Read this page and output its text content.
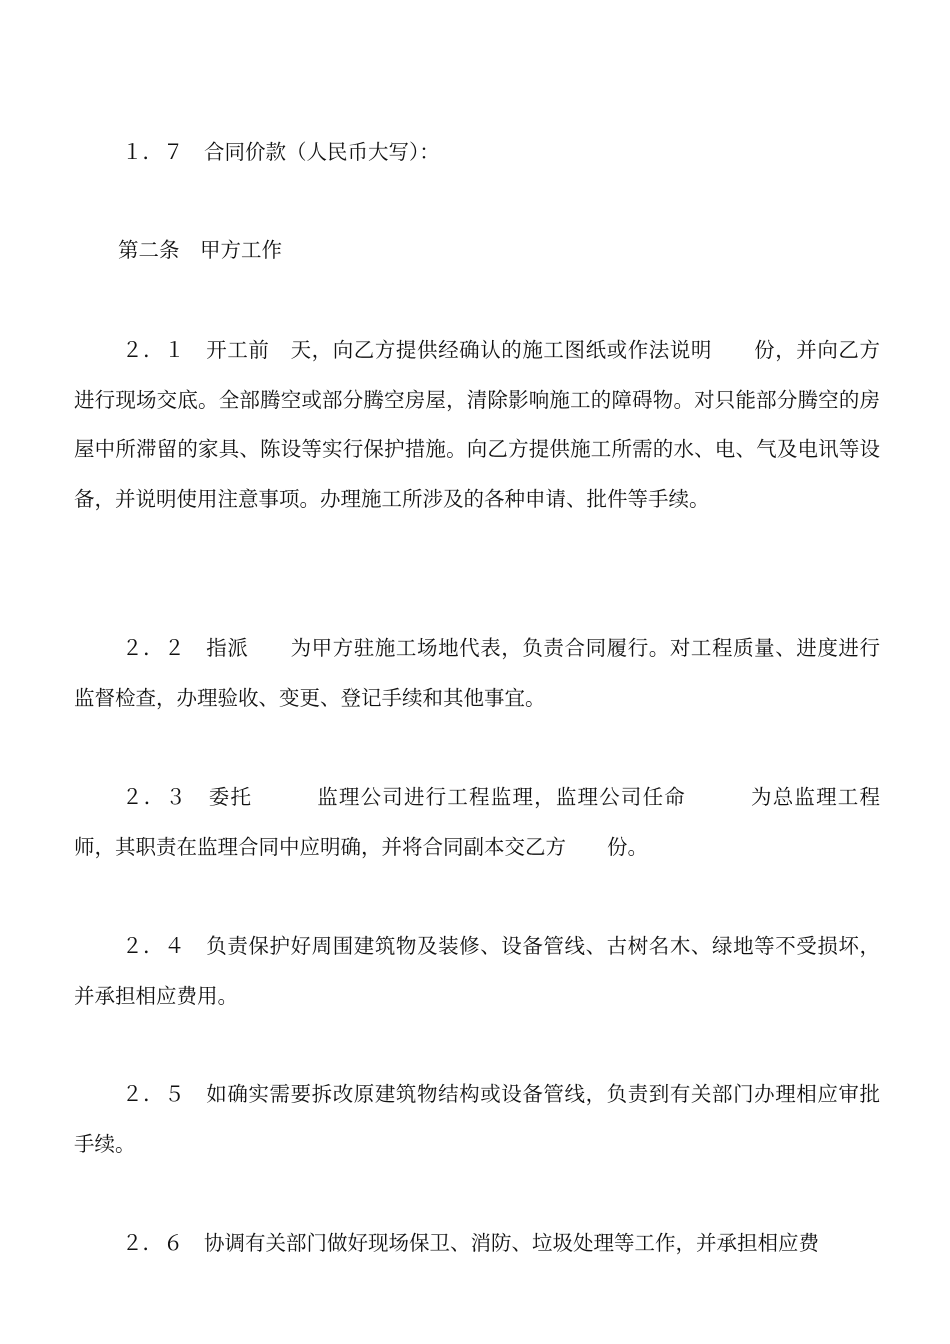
１．７　合同价款（人民币大写）：

第二条　甲方工作

２．１　开工前　天，向乙方提供经确认的施工图纸或作法说明　　份，并向乙方进行现场交底。全部腾空或部分腾空房屋，清除影响施工的障碍物。对只能部分腾空的房屋中所滞留的家具、陈设等实行保护措施。向乙方提供施工所需的水、电、气及电讯等设备，并说明使用注意事项。办理施工所涉及的各种申请、批件等手续。

２．２　指派　　为甲方驻施工场地代表，负责合同履行。对工程质量、进度进行监督检查，办理验收、变更、登记手续和其他事宜。

２．３　委托　　　监理公司进行工程监理，监理公司任命　　　为总监理工程师，其职责在监理合同中应明确，并将合同副本交乙方　　份。

２．４　负责保护好周围建筑物及装修、设备管线、古树名木、绿地等不受损坏，并承担相应费用。

２．５　如确实需要拆改原建筑物结构或设备管线，负责到有关部门办理相应审批手续。

２．６　协调有关部门做好现场保卫、消防、垃圾处理等工作，并承担相应费
